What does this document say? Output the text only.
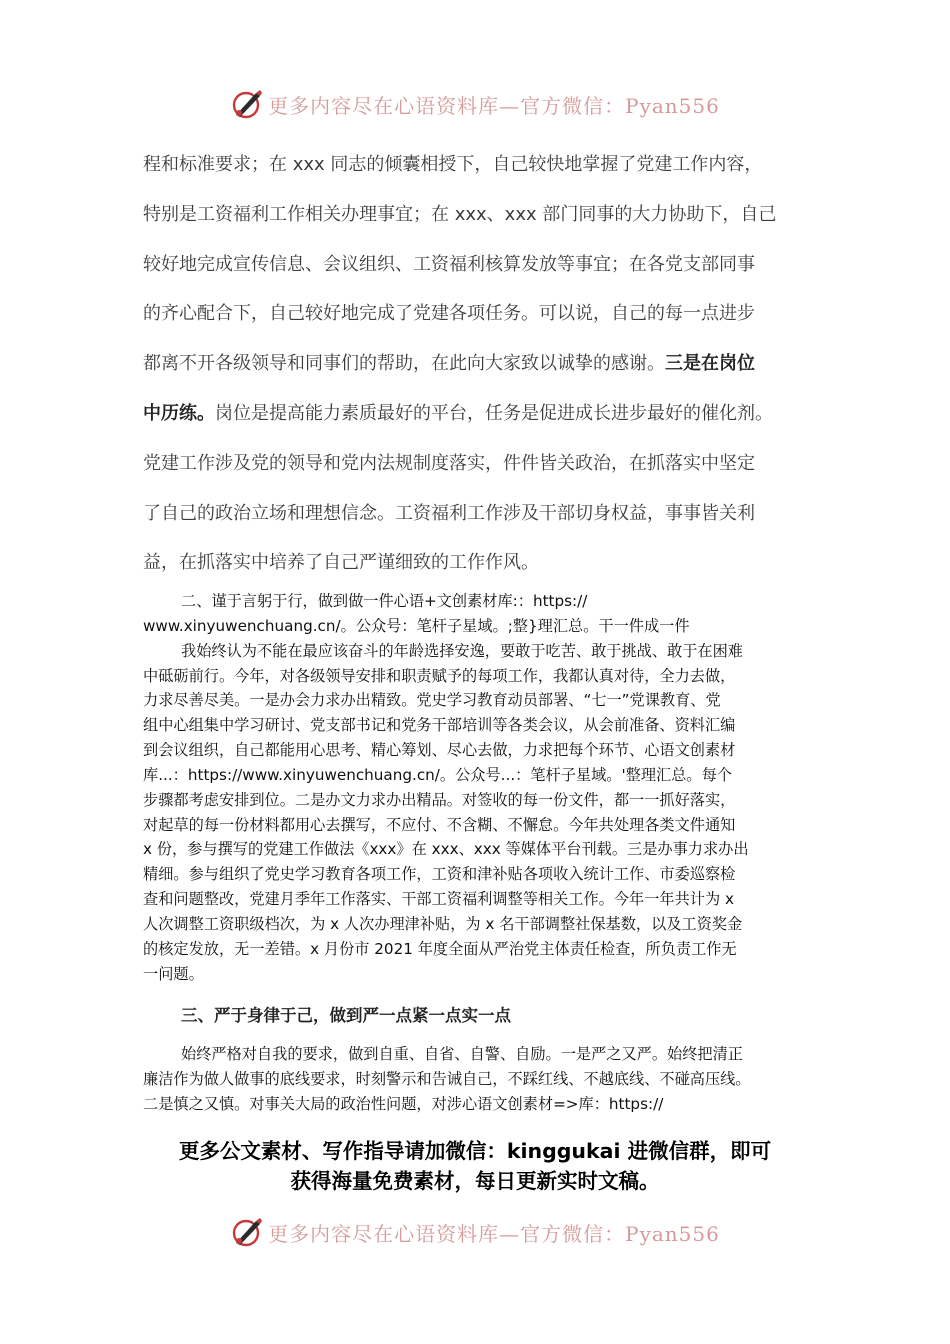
更多内容尽在心语资料库—官方微信：Pyan556

程和标准要求；在 xxx 同志的倾囊相授下，自己较快地掌握了党建工作内容，

特别是工资福利工作相关办理事宜；在 xxx、xxx 部门同事的大力协助下，自己

较好地完成宣传信息、会议组织、工资福利核算发放等事宜；在各党支部同事

的齐心配合下，自己较好地完成了党建各项任务。可以说，自己的每一点进步

都离不开各级领导和同事们的帮助，在此向大家致以诚挚的感谢。三是在岗位

中历练。岗位是提高能力素质最好的平台，任务是促进成长进步最好的催化剂。

党建工作涉及党的领导和党内法规制度落实，件件皆关政治，在抓落实中坚定

了自己的政治立场和理想信念。工资福利工作涉及干部切身权益，事事皆关利

益，在抓落实中培养了自己严谨细致的工作作风。

二、谨于言躬于行，做到做一件心语+文创素材库:：https://

www.xinyuwenchuang.cn/。公众号：笔杆子星域。;整}理汇总。干一件成一件

我始终认为不能在最应该奋斗的年龄选择安逸，要敢于吃苦、敢于挑战、敢于在困难

中砥砺前行。今年，对各级领导安排和职责赋予的每项工作，我都认真对待，全力去做，

力求尽善尽美。一是办会力求办出精致。党史学习教育动员部署、“七一”党课教育、党

组中心组集中学习研讨、党支部书记和党务干部培训等各类会议，从会前准备、资料汇编

到会议组织，自己都能用心思考、精心筹划、尽心去做，力求把每个环节、心语文创素材

库...：https://www.xinyuwenchuang.cn/。公众号...：笔杆子星域。'整理汇总。每个

步骤都考虑安排到位。二是办文力求办出精品。对签收的每一份文件，都一一抓好落实，

对起草的每一份材料都用心去撰写，不应付、不含糊、不懈怠。今年共处理各类文件通知

x 份，参与撰写的党建工作做法《xxx》在 xxx、xxx 等媒体平台刊载。三是办事力求办出

精细。参与组织了党史学习教育各项工作，工资和津补贴各项收入统计工作、市委巡察检

查和问题整改，党建月季年工作落实、干部工资福利调整等相关工作。今年一年共计为 x

人次调整工资职级档次，为 x 人次办理津补贴，为 x 名干部调整社保基数，以及工资奖金

的核定发放，无一差错。x 月份市 2021 年度全面从严治党主体责任检查，所负责工作无

一问题。

三、严于身律于己，做到严一点紧一点实一点

始终严格对自我的要求，做到自重、自省、自警、自励。一是严之又严。始终把清正

廉洁作为做人做事的底线要求，时刻警示和告诫自己，不踩红线、不越底线、不碰高压线。

二是慎之又慎。对事关大局的政治性问题，对涉心语文创素材=>库：https://

更多公文素材、写作指导请加微信：kinggukai 进微信群，即可

获得海量免费素材，每日更新实时文稿。

更多内容尽在心语资料库—官方微信：Pyan556
